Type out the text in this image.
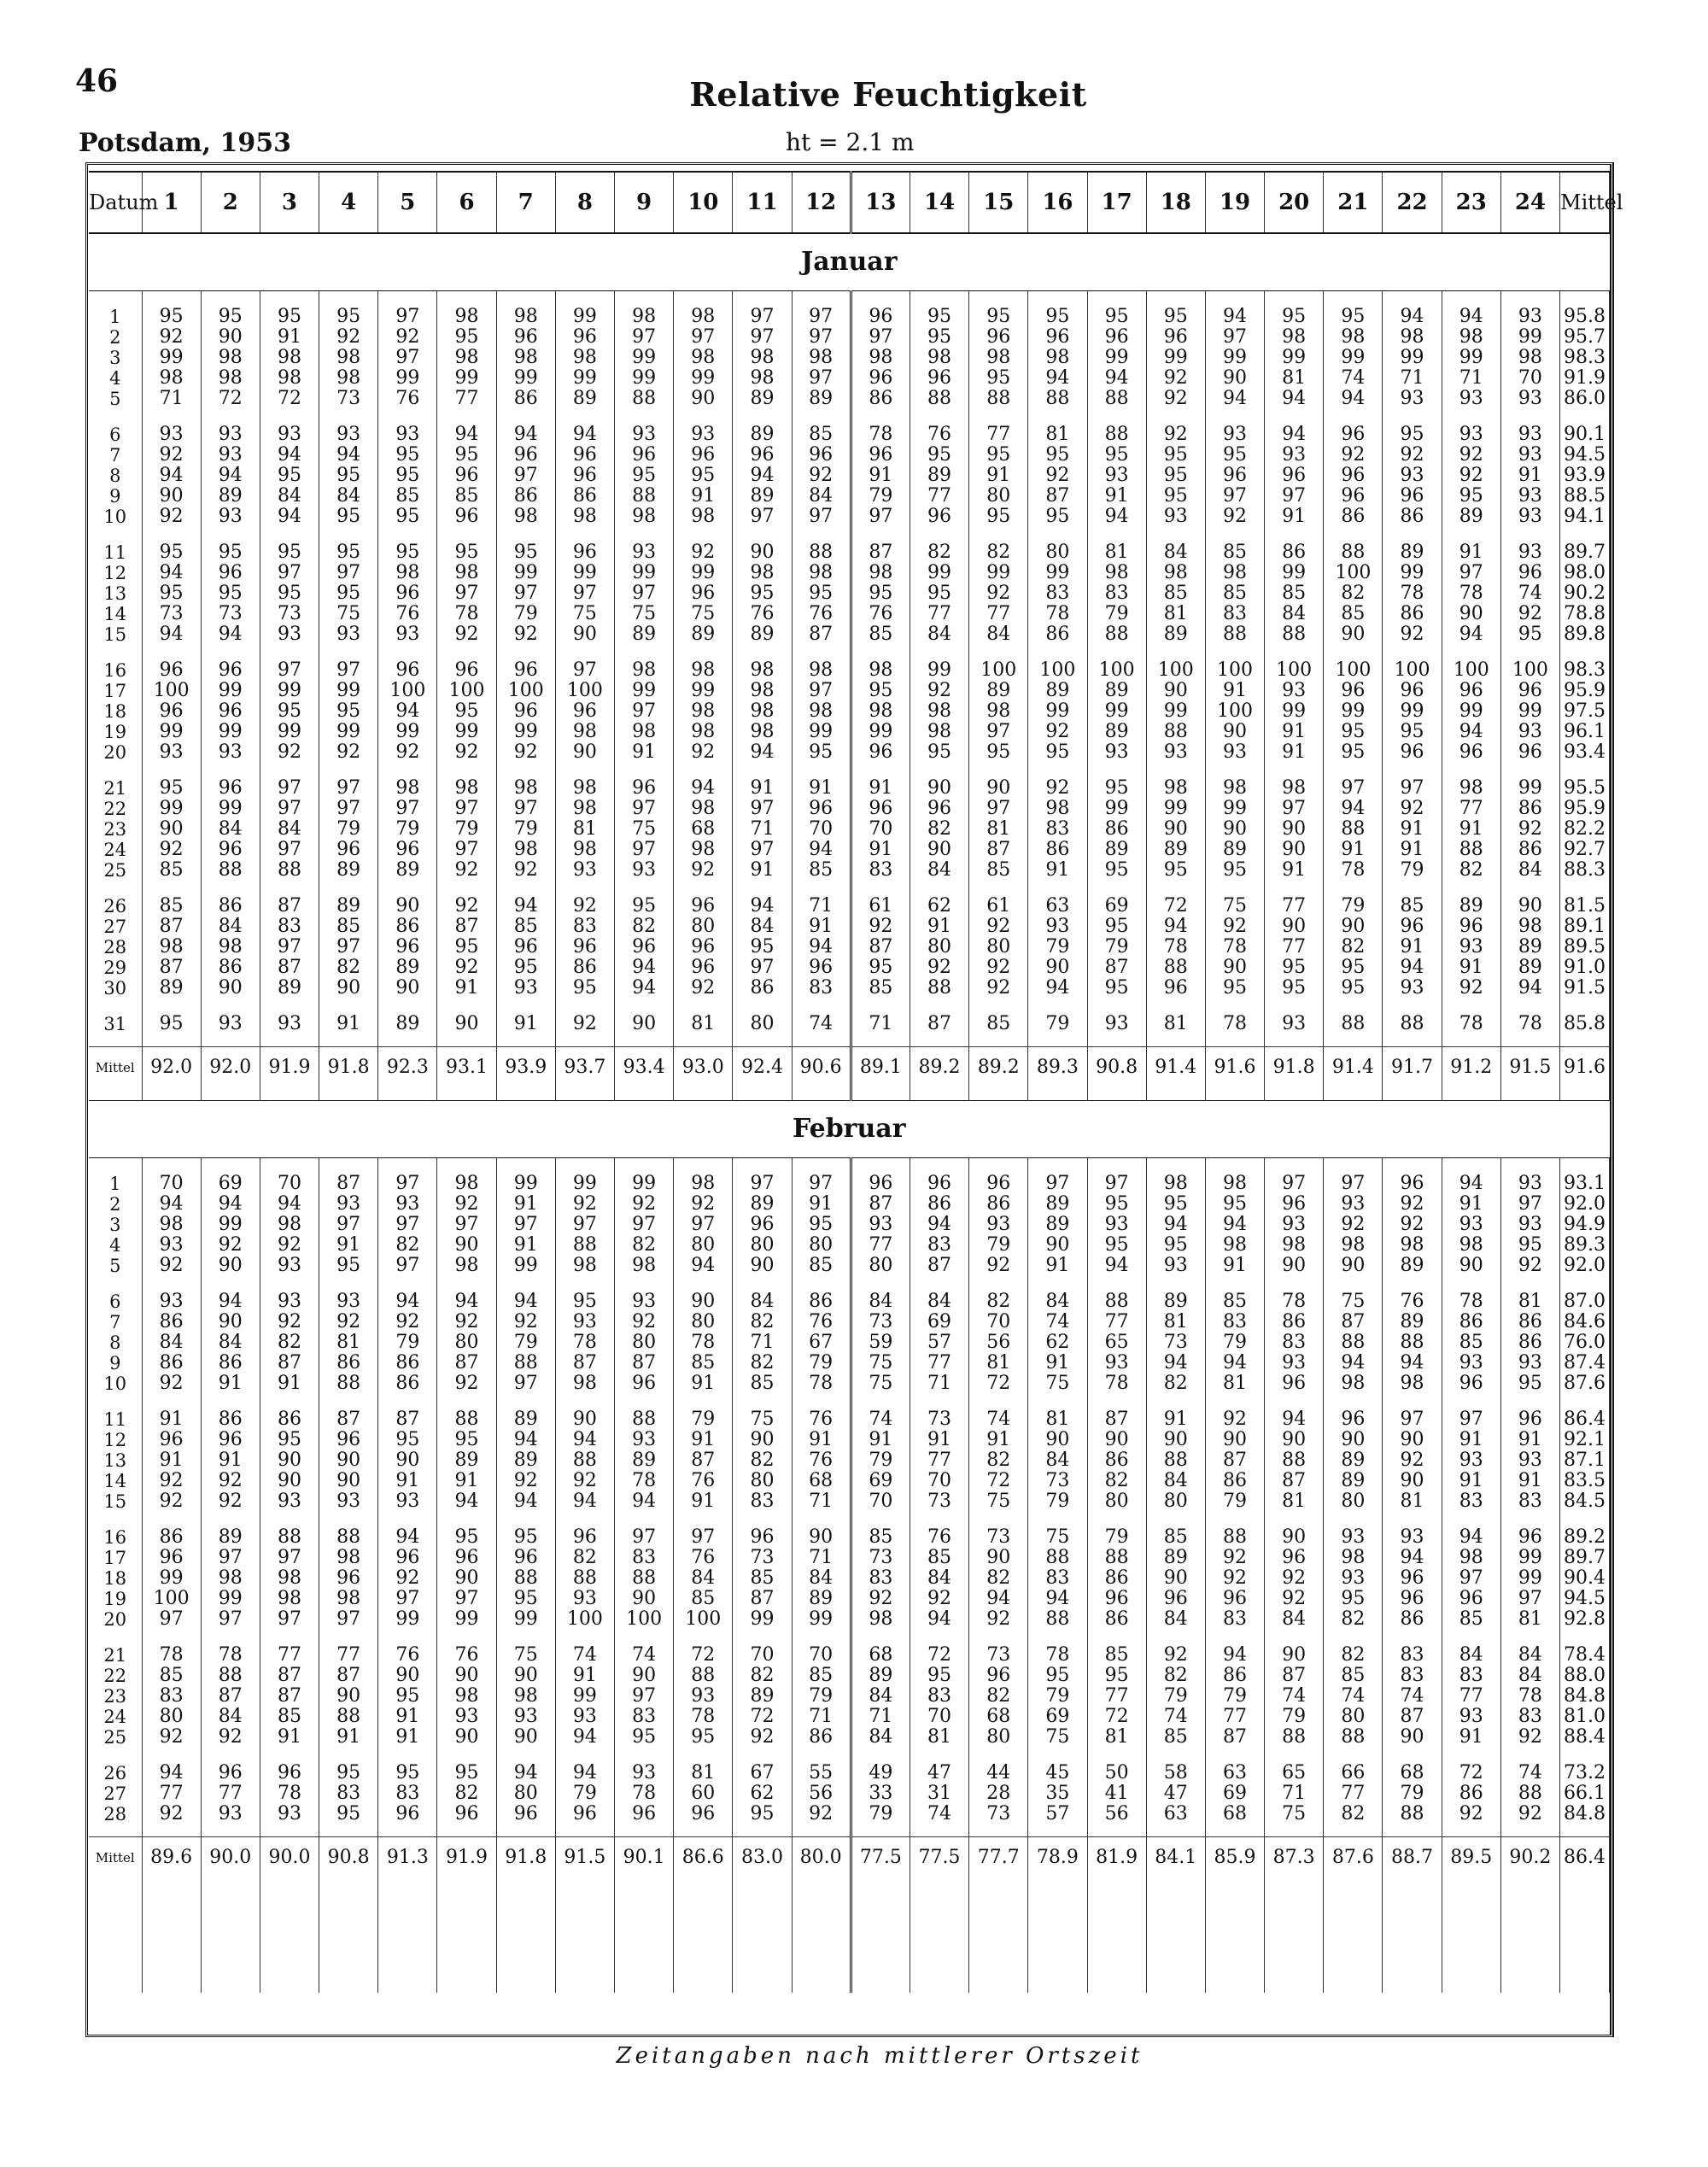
46	Relative Feuchtigkeit
Potsdam, 1953	ht = 2.1 m
Datum	1	2	3	4	5	6	7	8	9	10	11	12	13	14	15	16	17	18	19	20	21	22	23	24	Mittel
Januar																									

1	95	95	95	95	97	98	98	99	98	98	97	97	96	95	95	95	95	95	94	95	95	94	94	93	95.8
2	92	90	91	92	92	95	96	96	97	97	97	97	97	95	96	96	96	96	97	98	98	98	98	99	95.7
3	99	98	98	98	97	98	98	98	99	98	98	98	98	98	98	98	99	99	99	99	99	99	99	98	98.3
4	98	98	98	98	99	99	99	99	99	99	98	97	96	96	95	94	94	92	90	81	74	71	71	70	91.9
5	71	72	72	73	76	77	86	89	88	90	89	89	86	88	88	88	88	92	94	94	94	93	93	93	86.0

6	93	93	93	93	93	94	94	94	93	93	89	85	78	76	77	81	88	92	93	94	96	95	93	93	90.1
7	92	93	94	94	95	95	96	96	96	96	96	96	96	95	95	95	95	95	95	93	92	92	92	93	94.5
8	94	94	95	95	95	96	97	96	95	95	94	92	91	89	91	92	93	95	96	96	96	93	92	91	93.9
9	90	89	84	84	85	85	86	86	88	91	89	84	79	77	80	87	91	95	97	97	96	96	95	93	88.5
10	92	93	94	95	95	96	98	98	98	98	97	97	97	96	95	95	94	93	92	91	86	86	89	93	94.1

11	95	95	95	95	95	95	95	96	93	92	90	88	87	82	82	80	81	84	85	86	88	89	91	93	89.7
12	94	96	97	97	98	98	99	99	99	99	98	98	98	99	99	99	98	98	98	99	100	99	97	96	98.0
13	95	95	95	95	96	97	97	97	97	96	95	95	95	95	92	83	83	85	85	85	82	78	78	74	90.2
14	73	73	73	75	76	78	79	75	75	75	76	76	76	77	77	78	79	81	83	84	85	86	90	92	78.8
15	94	94	93	93	93	92	92	90	89	89	89	87	85	84	84	86	88	89	88	88	90	92	94	95	89.8

16	96	96	97	97	96	96	96	97	98	98	98	98	98	99	100	100	100	100	100	100	100	100	100	100	98.3
17	100	99	99	99	100	100	100	100	99	99	98	97	95	92	89	89	89	90	91	93	96	96	96	96	95.9
18	96	96	95	95	94	95	96	96	97	98	98	98	98	98	98	99	99	99	100	99	99	99	99	99	97.5
19	99	99	99	99	99	99	99	98	98	98	98	99	99	98	97	92	89	88	90	91	95	95	94	93	96.1
20	93	93	92	92	92	92	92	90	91	92	94	95	96	95	95	95	93	93	93	91	95	96	96	96	93.4

21	95	96	97	97	98	98	98	98	96	94	91	91	91	90	90	92	95	98	98	98	97	97	98	99	95.5
22	99	99	97	97	97	97	97	98	97	98	97	96	96	96	97	98	99	99	99	97	94	92	77	86	95.9
23	90	84	84	79	79	79	79	81	75	68	71	70	70	82	81	83	86	90	90	90	88	91	91	92	82.2
24	92	96	97	96	96	97	98	98	97	98	97	94	91	90	87	86	89	89	89	90	91	91	88	86	92.7
25	85	88	88	89	89	92	92	93	93	92	91	85	83	84	85	91	95	95	95	91	78	79	82	84	88.3

26	85	86	87	89	90	92	94	92	95	96	94	71	61	62	61	63	69	72	75	77	79	85	89	90	81.5
27	87	84	83	85	86	87	85	83	82	80	84	91	92	91	92	93	95	94	92	90	90	96	96	98	89.1
28	98	98	97	97	96	95	96	96	96	96	95	94	87	80	80	79	79	78	78	77	82	91	93	89	89.5
29	87	86	87	82	89	92	95	86	94	96	97	96	95	92	92	90	87	88	90	95	95	94	91	89	91.0
30	89	90	89	90	90	91	93	95	94	92	86	83	85	88	92	94	95	96	95	95	95	93	92	94	91.5

31	95	93	93	91	89	90	91	92	90	81	80	74	71	87	85	79	93	81	78	93	88	88	78	78	85.8

Mittel	92.0	92.0	91.9	91.8	92.3	93.1	93.9	93.7	93.4	93.0	92.4	90.6	89.1	89.2	89.2	89.3	90.8	91.4	91.6	91.8	91.4	91.7	91.2	91.5	91.6

Februar																									

1	70	69	70	87	97	98	99	99	99	98	97	97	96	96	96	97	97	98	98	97	97	96	94	93	93.1
2	94	94	94	93	93	92	91	92	92	92	89	91	87	86	86	89	95	95	95	96	93	92	91	97	92.0
3	98	99	98	97	97	97	97	97	97	97	96	95	93	94	93	89	93	94	94	93	92	92	93	93	94.9
4	93	92	92	91	82	90	91	88	82	80	80	80	77	83	79	90	95	95	98	98	98	98	98	95	89.3
5	92	90	93	95	97	98	99	98	98	94	90	85	80	87	92	91	94	93	91	90	90	89	90	92	92.0

6	93	94	93	93	94	94	94	95	93	90	84	86	84	84	82	84	88	89	85	78	75	76	78	81	87.0
7	86	90	92	92	92	92	92	93	92	80	82	76	73	69	70	74	77	81	83	86	87	89	86	86	84.6
8	84	84	82	81	79	80	79	78	80	78	71	67	59	57	56	62	65	73	79	83	88	88	85	86	76.0
9	86	86	87	86	86	87	88	87	87	85	82	79	75	77	81	91	93	94	94	93	94	94	93	93	87.4
10	92	91	91	88	86	92	97	98	96	91	85	78	75	71	72	75	78	82	81	96	98	98	96	95	87.6

11	91	86	86	87	87	88	89	90	88	79	75	76	74	73	74	81	87	91	92	94	96	97	97	96	86.4
12	96	96	95	96	95	95	94	94	93	91	90	91	91	91	91	90	90	90	90	90	90	90	91	91	92.1
13	91	91	90	90	90	89	89	88	89	87	82	76	79	77	82	84	86	88	87	88	89	92	93	93	87.1
14	92	92	90	90	91	91	92	92	78	76	80	68	69	70	72	73	82	84	86	87	89	90	91	91	83.5
15	92	92	93	93	93	94	94	94	94	91	83	71	70	73	75	79	80	80	79	81	80	81	83	83	84.5

16	86	89	88	88	94	95	95	96	97	97	96	90	85	76	73	75	79	85	88	90	93	93	94	96	89.2
17	96	97	97	98	96	96	96	82	83	76	73	71	73	85	90	88	88	89	92	96	98	94	98	99	89.7
18	99	98	98	96	92	90	88	88	88	84	85	84	83	84	82	83	86	90	92	92	93	96	97	99	90.4
19	100	99	98	98	97	97	95	93	90	85	87	89	92	92	94	94	96	96	96	92	95	96	96	97	94.5
20	97	97	97	97	99	99	99	100	100	100	99	99	98	94	92	88	86	84	83	84	82	86	85	81	92.8

21	78	78	77	77	76	76	75	74	74	72	70	70	68	72	73	78	85	92	94	90	82	83	84	84	78.4
22	85	88	87	87	90	90	90	91	90	88	82	85	89	95	96	95	95	82	86	87	85	83	83	84	88.0
23	83	87	87	90	95	98	98	99	97	93	89	79	84	83	82	79	77	79	79	74	74	74	77	78	84.8
24	80	84	85	88	91	93	93	93	83	78	72	71	71	70	68	69	72	74	77	79	80	87	93	83	81.0
25	92	92	91	91	91	90	90	94	95	95	92	86	84	81	80	75	81	85	87	88	88	90	91	92	88.4

26	94	96	96	95	95	95	94	94	93	81	67	55	49	47	44	45	50	58	63	65	66	68	72	74	73.2
27	77	77	78	83	83	82	80	79	78	60	62	56	33	31	28	35	41	47	69	71	77	79	86	88	66.1
28	92	93	93	95	96	96	96	96	96	96	95	92	79	74	73	57	56	63	68	75	82	88	92	92	84.8

Mittel	89.6	90.0	90.0	90.8	91.3	91.9	91.8	91.5	90.1	86.6	83.0	80.0	77.5	77.5	77.7	78.9	81.9	84.1	85.9	87.3	87.6	88.7	89.5	90.2	86.4

Zeitangaben nach mittlerer Ortszeit
